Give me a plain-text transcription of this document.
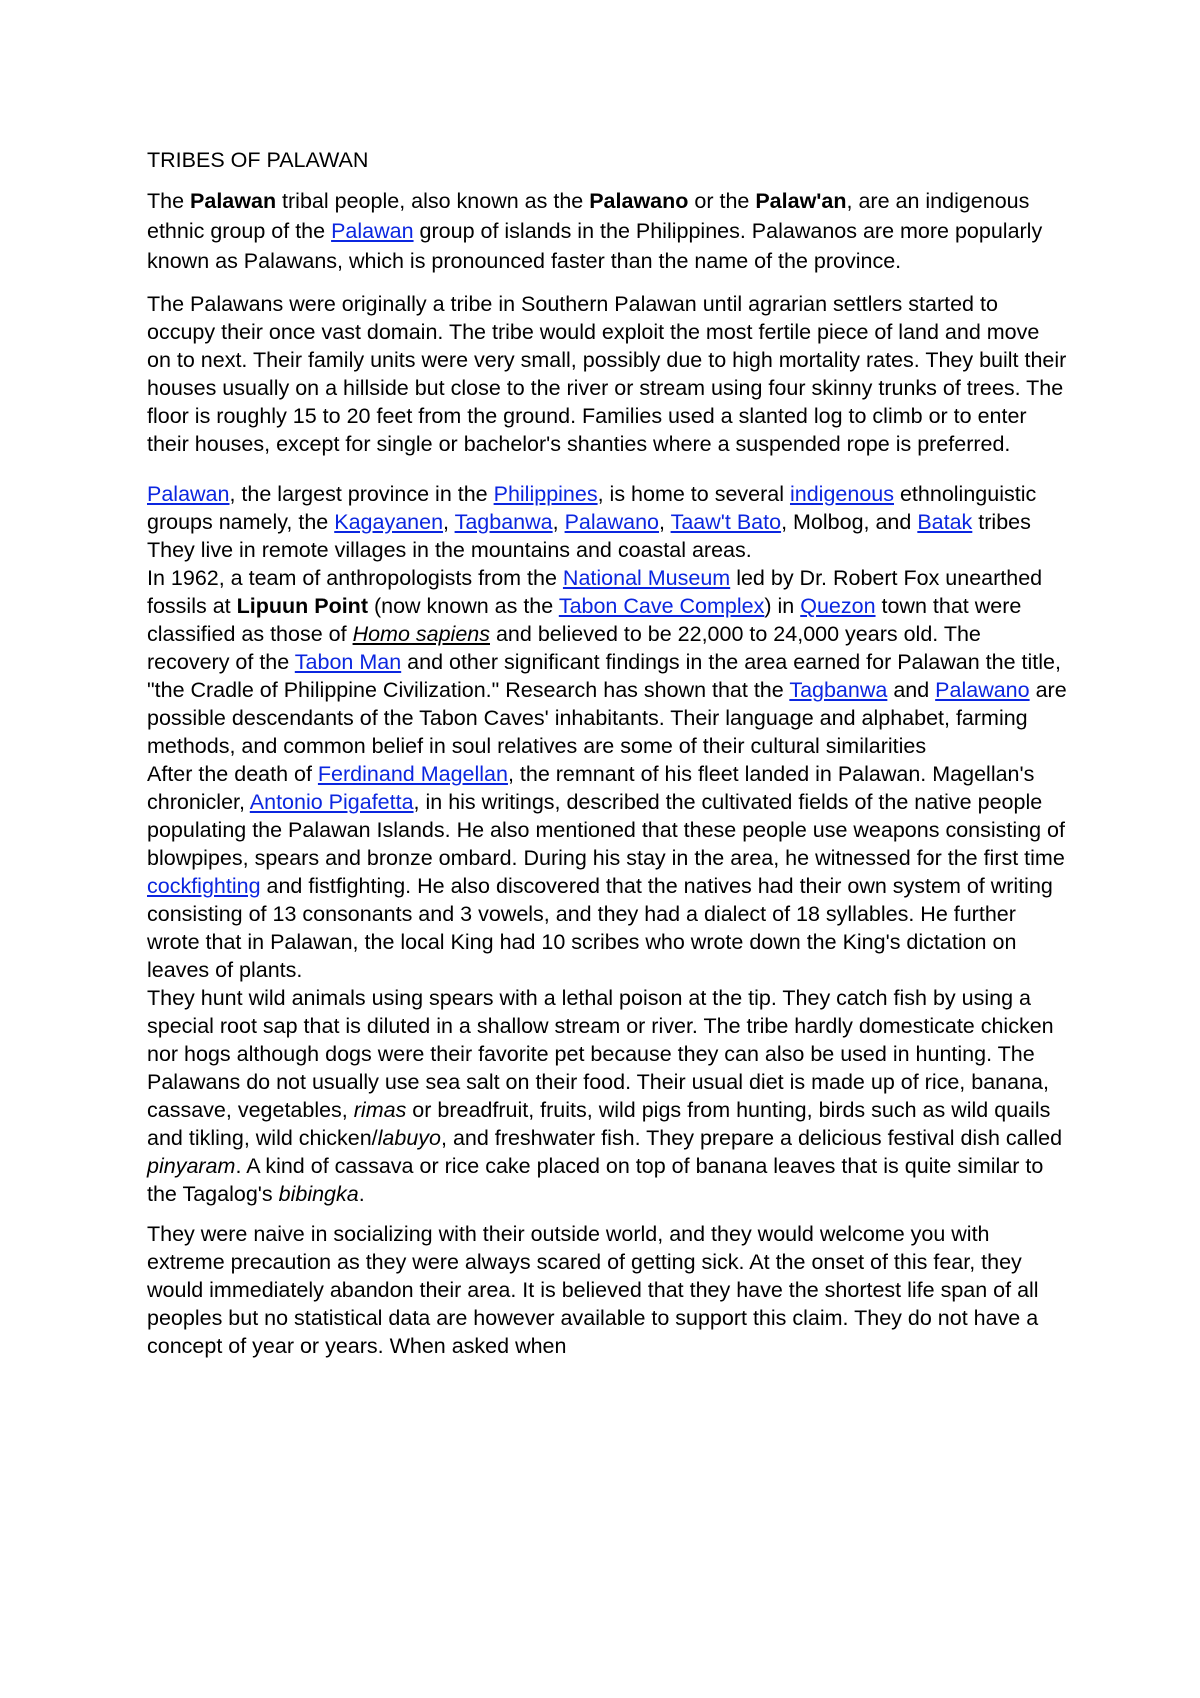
TRIBES OF PALAWAN

The Palawan tribal people, also known as the Palawano or the Palaw'an, are an indigenous ethnic group of the Palawan group of islands in the Philippines. Palawanos are more popularly known as Palawans, which is pronounced faster than the name of the province.

The Palawans were originally a tribe in Southern Palawan until agrarian settlers started to occupy their once vast domain. The tribe would exploit the most fertile piece of land and move on to next. Their family units were very small, possibly due to high mortality rates. They built their houses usually on a hillside but close to the river or stream using four skinny trunks of trees. The floor is roughly 15 to 20 feet from the ground. Families used a slanted log to climb or to enter their houses, except for single or bachelor's shanties where a suspended rope is preferred.

Palawan, the largest province in the Philippines, is home to several indigenous ethnolinguistic groups namely, the Kagayanen, Tagbanwa, Palawano, Taaw't Bato, Molbog, and Batak tribes They live in remote villages in the mountains and coastal areas.

In 1962, a team of anthropologists from the National Museum led by Dr. Robert Fox unearthed fossils at Lipuun Point (now known as the Tabon Cave Complex) in Quezon town that were classified as those of Homo sapiens and believed to be 22,000 to 24,000 years old. The recovery of the Tabon Man and other significant findings in the area earned for Palawan the title, "the Cradle of Philippine Civilization." Research has shown that the Tagbanwa and Palawano are possible descendants of the Tabon Caves' inhabitants. Their language and alphabet, farming methods, and common belief in soul relatives are some of their cultural similarities

After the death of Ferdinand Magellan, the remnant of his fleet landed in Palawan. Magellan's chronicler, Antonio Pigafetta, in his writings, described the cultivated fields of the native people populating the Palawan Islands. He also mentioned that these people use weapons consisting of blowpipes, spears and bronze ombard. During his stay in the area, he witnessed for the first time cockfighting and fistfighting. He also discovered that the natives had their own system of writing consisting of 13 consonants and 3 vowels, and they had a dialect of 18 syllables. He further wrote that in Palawan, the local King had 10 scribes who wrote down the King's dictation on leaves of plants.

They hunt wild animals using spears with a lethal poison at the tip. They catch fish by using a special root sap that is diluted in a shallow stream or river. The tribe hardly domesticate chicken nor hogs although dogs were their favorite pet because they can also be used in hunting. The Palawans do not usually use sea salt on their food. Their usual diet is made up of rice, banana, cassave, vegetables, rimas or breadfruit, fruits, wild pigs from hunting, birds such as wild quails and tikling, wild chicken/labuyo, and freshwater fish. They prepare a delicious festival dish called pinyaram. A kind of cassava or rice cake placed on top of banana leaves that is quite similar to the Tagalog's bibingka.

They were naive in socializing with their outside world, and they would welcome you with extreme precaution as they were always scared of getting sick. At the onset of this fear, they would immediately abandon their area. It is believed that they have the shortest life span of all peoples but no statistical data are however available to support this claim. They do not have a concept of year or years. When asked when
